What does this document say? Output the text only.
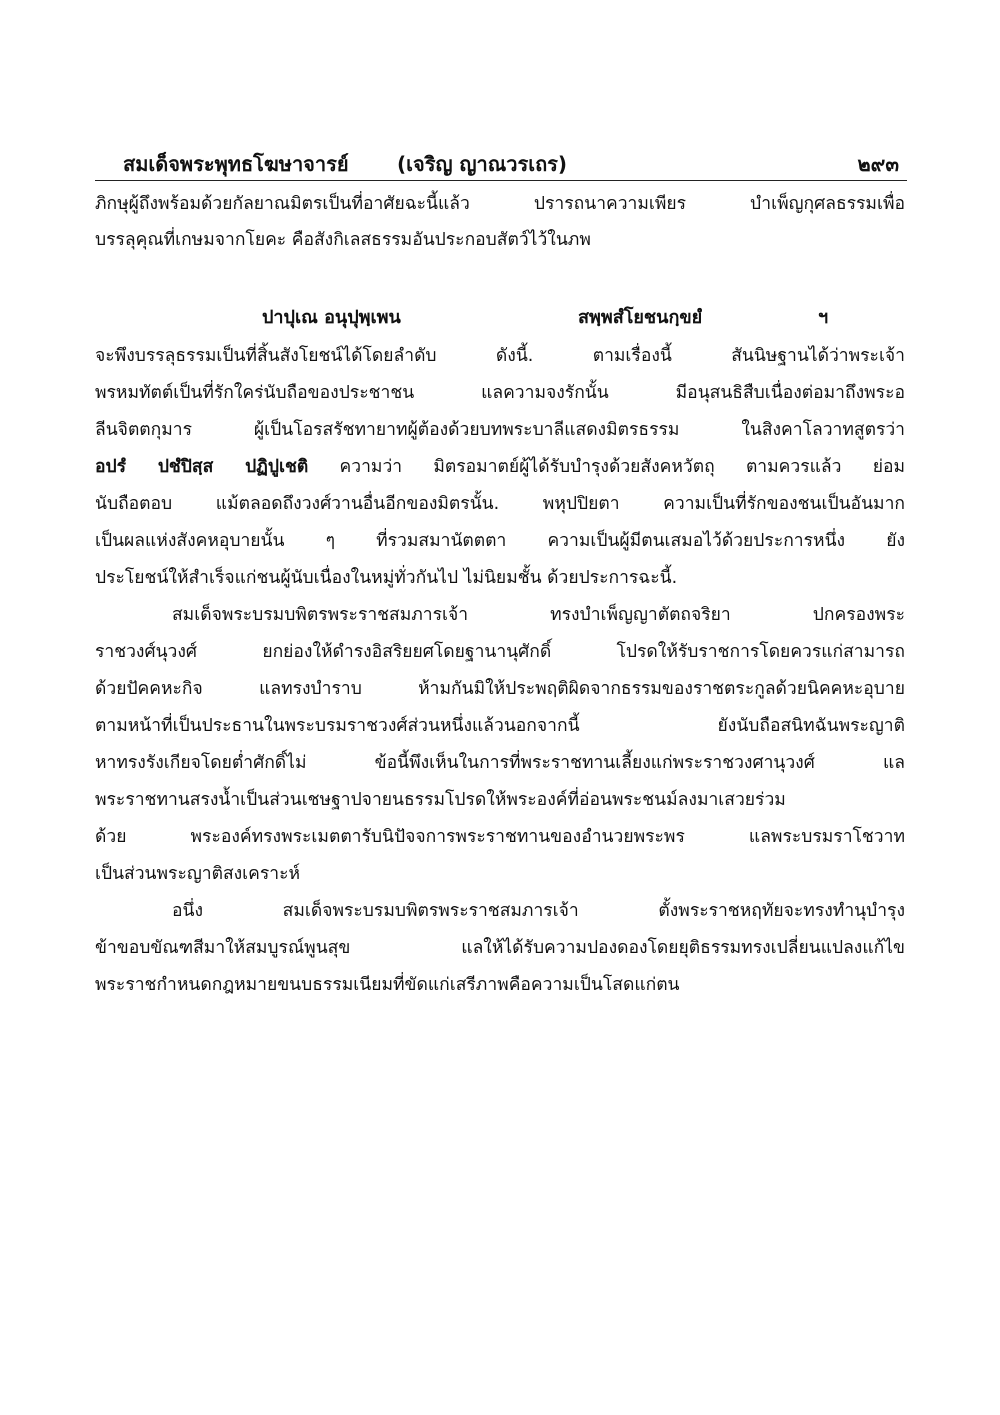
สมเด็จพระพุทธโฆษาจารย์ (เจริญ ญาณวรเถร)	๒๙๓
ภิกษุผู้ถึงพร้อมด้วยกัลยาณมิตรเป็นที่อาศัยฉะนี้แล้ว ปรารถนาความเพียร บำเพ็ญกุศลธรรมเพื่อ
บรรลุคุณที่เกษมจากโยคะ คือสังกิเลสธรรมอันประกอบสัตว์ไว้ในภพ
ปาปุเณ อนุปุพฺเพน	สพฺพสํโยชนกฺขยํ	ฯ
จะพึงบรรลุธรรมเป็นที่สิ้นสังโยชน์ได้โดยลำดับ ดังนี้. ตามเรื่องนี้ สันนิษฐานได้ว่าพระเจ้า
พรหมทัตต์เป็นที่รักใคร่นับถือของประชาชน แลความจงรักนั้น มีอนุสนธิสืบเนื่องต่อมาถึงพระอ
ลีนจิตตกุมาร ผู้เป็นโอรสรัชทายาทผู้ต้องด้วยบทพระบาลีแสดงมิตรธรรม ในสิงคาโลวาทสูตรว่า
อปรํ ปชํปิสฺส ปฏิปูเชติ ความว่า มิตรอมาตย์ผู้ได้รับบำรุงด้วยสังคหวัตถุ ตามควรแล้ว ย่อม
นับถือตอบ แม้ตลอดถึงวงศ์วานอื่นอีกของมิตรนั้น. พหุปปิยตา ความเป็นที่รักของชนเป็นอันมาก
เป็นผลแห่งสังคหอุบายนั้น ๆ ที่รวมสมานัตตตา ความเป็นผู้มีตนเสมอไว้ด้วยประการหนึ่ง ยัง
ประโยชน์ให้สำเร็จแก่ชนผู้นับเนื่องในหมู่ทั่วกันไป ไม่นิยมชั้น ด้วยประการฉะนี้.
สมเด็จพระบรมบพิตรพระราชสมภารเจ้า ทรงบำเพ็ญญาตัตถจริยา ปกครองพระ
ราชวงศ์นุวงศ์ ยกย่องให้ดำรงอิสริยยศโดยฐานานุศักดิ์ โปรดให้รับราชการโดยควรแก่สามารถ
ด้วยปัคคหะกิจ แลทรงบำราบ ห้ามกันมิให้ประพฤติผิดจากธรรมของราชตระกูลด้วยนิคคหะอุบาย
ตามหน้าที่เป็นประธานในพระบรมราชวงศ์ส่วนหนึ่งแล้วนอกจากนี้ ยังนับถือสนิทฉันพระญาติ
หาทรงรังเกียจโดยต่ำศักดิ์ไม่ ข้อนี้พึงเห็นในการที่พระราชทานเลี้ยงแก่พระราชวงศานุวงศ์ แล
พระราชทานสรงน้ำเป็นส่วนเชษฐาปจายนธรรมโปรดให้พระองค์ที่อ่อนพระชนม์ลงมาเสวยร่วม
ด้วย พระองค์ทรงพระเมตตารับนิปัจจการพระราชทานของอำนวยพระพร แลพระบรมราโชวาท
เป็นส่วนพระญาติสงเคราะห์
อนึ่ง สมเด็จพระบรมบพิตรพระราชสมภารเจ้า ตั้งพระราชหฤทัยจะทรงทำนุบำรุง
ข้าขอบขัณฑสีมาให้สมบูรณ์พูนสุข แลให้ได้รับความปองดองโดยยุติธรรมทรงเปลี่ยนแปลงแก้ไข
พระราชกำหนดกฎหมายขนบธรรมเนียมที่ขัดแก่เสรีภาพคือความเป็นโสดแก่ตน
